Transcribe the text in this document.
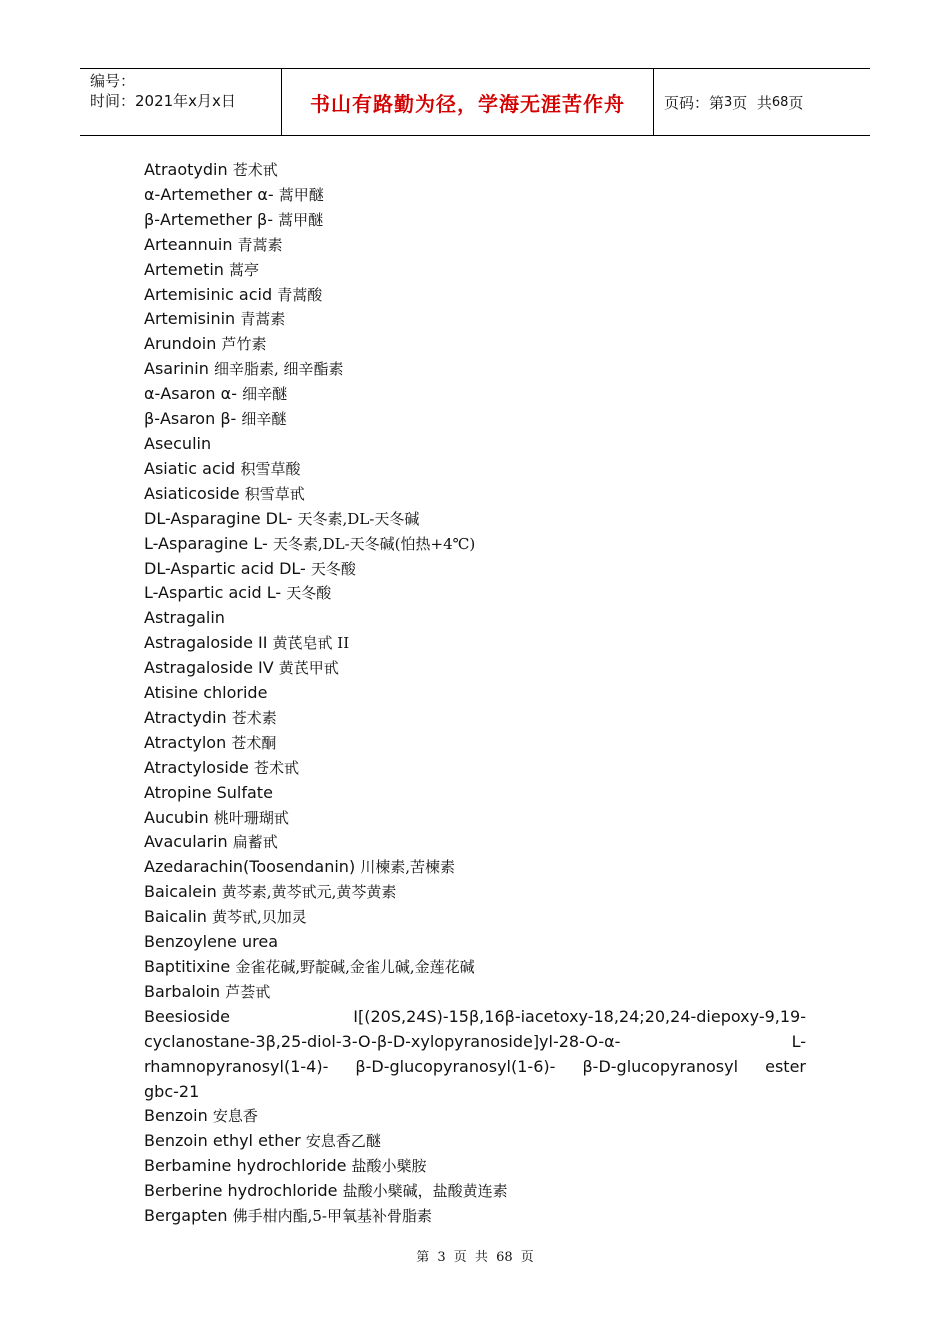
编号：
时间：2021年x月x日	书山有路勤为径，学海无涯苦作舟	页码：第 3 页  共 68 页
Atraotydin 苍术甙
α-Artemether α- 蒿甲醚
β-Artemether β- 蒿甲醚
Arteannuin 青蒿素
Artemetin 蒿亭
Artemisinic acid 青蒿酸
Artemisinin 青蒿素
Arundoin 芦竹素
Asarinin 细辛脂素, 细辛酯素
α-Asaron α- 细辛醚
β-Asaron β- 细辛醚
Aseculin
Asiatic acid 积雪草酸
Asiaticoside 积雪草甙
DL-Asparagine DL- 天冬素,DL-天冬碱
L-Asparagine L- 天冬素,DL-天冬碱(怕热+4℃)
DL-Aspartic acid DL- 天冬酸
L-Aspartic acid L- 天冬酸
Astragalin
Astragaloside II 黄芪皂甙 II
Astragaloside IV 黄芪甲甙
Atisine chloride
Atractydin 苍术素
Atractylon 苍术酮
Atractyloside 苍术甙
Atropine Sulfate
Aucubin 桃叶珊瑚甙
Avacularin 扁蓄甙
Azedarachin(Toosendanin) 川楝素,苦楝素
Baicalein 黄芩素,黄芩甙元,黄芩黄素
Baicalin 黄芩甙,贝加灵
Benzoylene urea
Baptitixine 金雀花碱,野靛碱,金雀儿碱,金莲花碱
Barbaloin 芦荟甙
Beesioside I[(20S,24S)-15β,16β-iacetoxy-18,24;20,24-diepoxy-9,19-
cyclanostane-3β,25-diol-3-O-β-D-xylopyranoside]yl-28-O-α- L-
rhamnopyranosyl(1-4)- β-D-glucopyranosyl(1-6)- β-D-glucopyranosyl ester
gbc-21
Benzoin 安息香
Benzoin ethyl ether 安息香乙醚
Berbamine hydrochloride 盐酸小檗胺
Berberine hydrochloride 盐酸小檗碱，盐酸黄连素
Bergapten 佛手柑内酯,5-甲氧基补骨脂素
第 3 页 共 68 页
